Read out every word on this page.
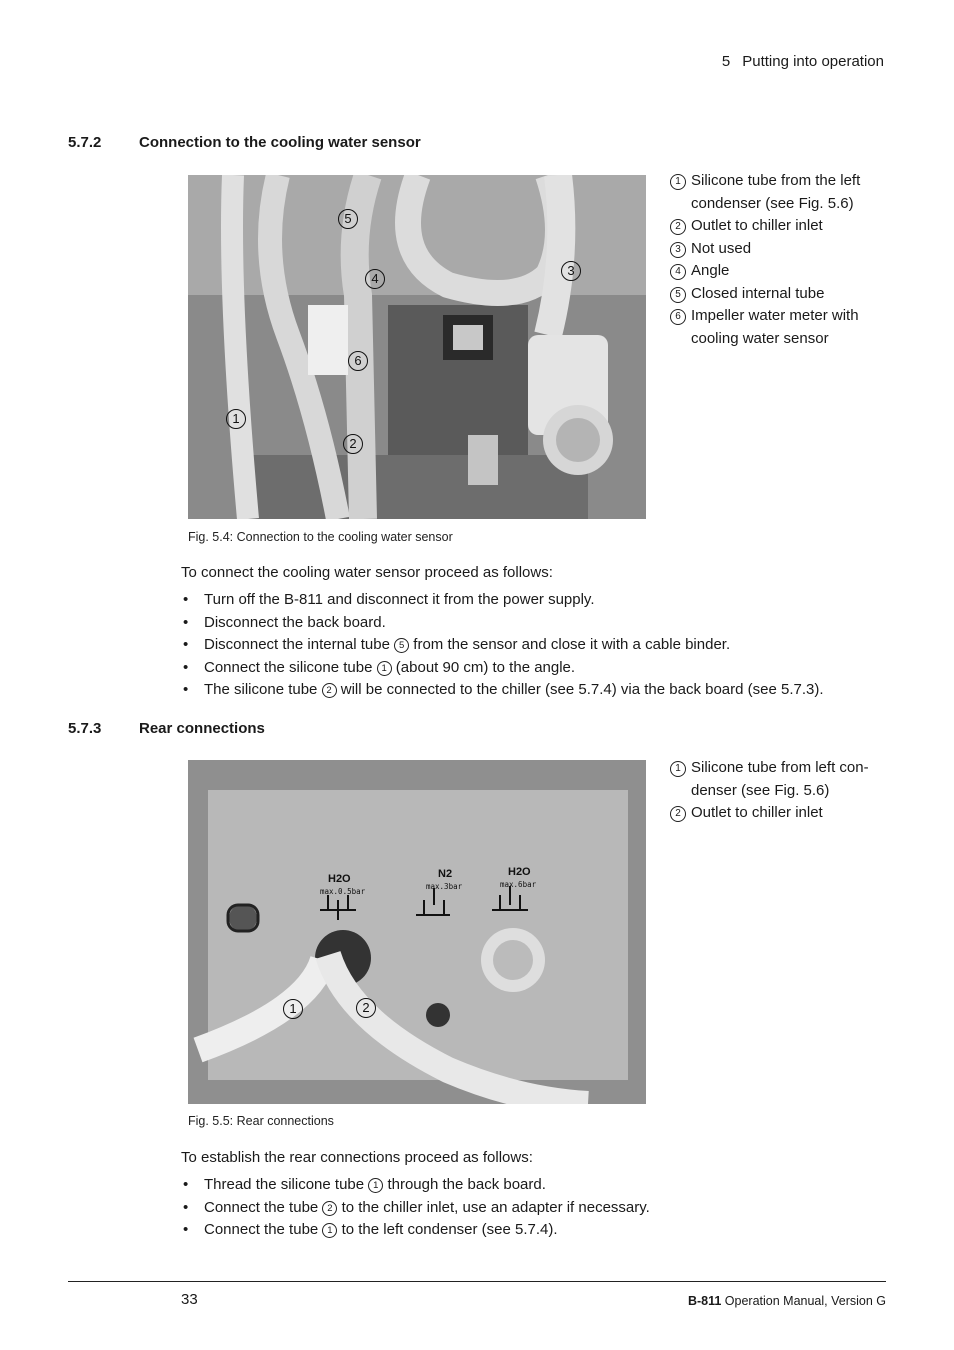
5 Putting into operation
5.7.2	Connection to the cooling water sensor
5
4
3
6
1
2
1 Silicone tube from the left condenser (see Fig. 5.6)
2 Outlet to chiller inlet
3 Not used
4 Angle
5 Closed internal tube
6 Impeller water meter with cooling water sensor
Fig. 5.4: Connection to the cooling water sensor
To connect the cooling water sensor proceed as follows:
• Turn off the B-811 and disconnect it from the power supply.
• Disconnect the back board.
• Disconnect the internal tube 5 from the sensor and close it with a cable binder.
• Connect the silicone tube 1 (about 90 cm) to the angle.
• The silicone tube 2 will be connected to the chiller (see 5.7.4) via the back board (see 5.7.3).
5.7.3	Rear connections
H2O
max.0.5bar
N2
max.3bar
H2O
max.6bar
1	2
1 Silicone tube from left con-denser (see Fig. 5.6)
2 Outlet to chiller inlet
Fig. 5.5: Rear connections
To establish the rear connections proceed as follows:
• Thread the silicone tube 1 through the back board.
• Connect the tube 2 to the chiller inlet, use an adapter if necessary.
• Connect the tube 1 to the left condenser (see 5.7.4).
33	B-811 Operation Manual, Version G
